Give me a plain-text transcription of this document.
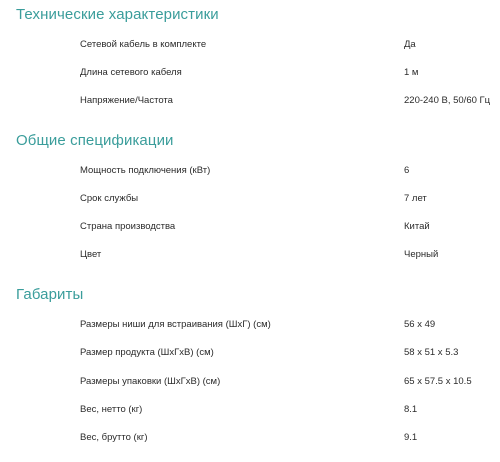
Технические характеристики
Сетевой кабель в комплекте	Да
Длина сетевого кабеля	1 м
Напряжение/Частота	220-240 В, 50/60 Гц
Общие спецификации
Мощность подключения (кВт)	6
Срок службы	7 лет
Страна производства	Китай
Цвет	Черный
Габариты
Размеры ниши для встраивания (ШхГ) (см)	56 x 49
Размер продукта (ШхГхВ) (см)	58 x 51 x 5.3
Размеры упаковки (ШхГхВ) (см)	65 x 57.5 x 10.5
Вес, нетто (кг)	8.1
Вес, брутто (кг)	9.1
